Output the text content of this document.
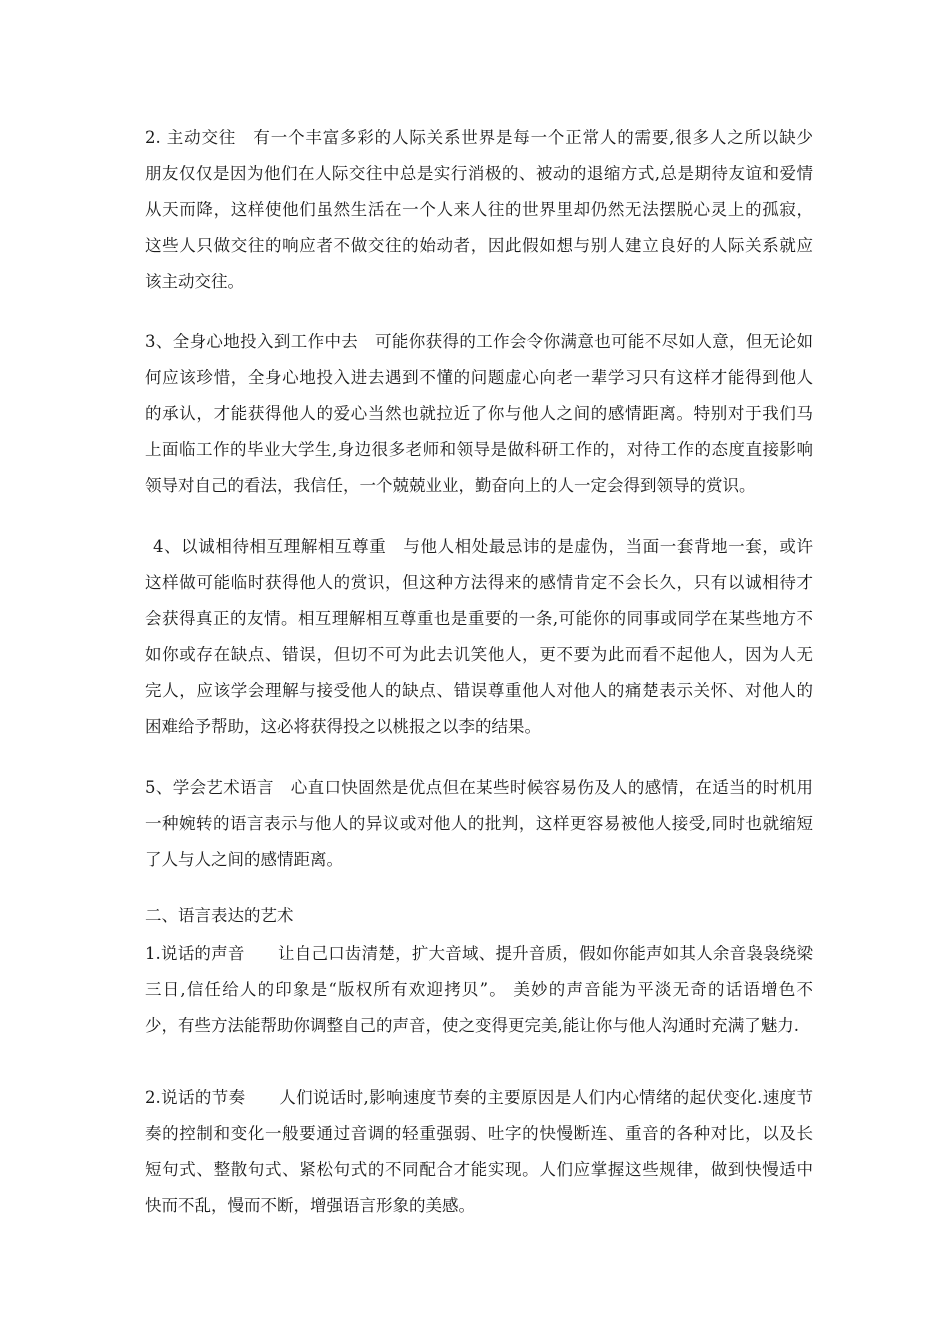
2. 主动交往　有一个丰富多彩的人际关系世界是每一个正常人的需要,很多人之所以缺少
朋友仅仅是因为他们在人际交往中总是实行消极的、被动的退缩方式,总是期待友谊和爱情
从天而降，这样使他们虽然生活在一个人来人往的世界里却仍然无法摆脱心灵上的孤寂，
这些人只做交往的响应者不做交往的始动者，因此假如想与别人建立良好的人际关系就应
该主动交往。
3、全身心地投入到工作中去　可能你获得的工作会令你满意也可能不尽如人意，但无论如
何应该珍惜，全身心地投入进去遇到不懂的问题虚心向老一辈学习只有这样才能得到他人
的承认，才能获得他人的爱心当然也就拉近了你与他人之间的感情距离。特别对于我们马
上面临工作的毕业大学生,身边很多老师和领导是做科研工作的，对待工作的态度直接影响
领导对自己的看法，我信任，一个兢兢业业，勤奋向上的人一定会得到领导的赏识。
4、以诚相待相互理解相互尊重　与他人相处最忌讳的是虚伪，当面一套背地一套，或许
这样做可能临时获得他人的赏识，但这种方法得来的感情肯定不会长久，只有以诚相待才
会获得真正的友情。相互理解相互尊重也是重要的一条,可能你的同事或同学在某些地方不
如你或存在缺点、错误，但切不可为此去讥笑他人，更不要为此而看不起他人，因为人无
完人，应该学会理解与接受他人的缺点、错误尊重他人对他人的痛楚表示关怀、对他人的
困难给予帮助，这必将获得投之以桃报之以李的结果。
5、学会艺术语言　心直口快固然是优点但在某些时候容易伤及人的感情，在适当的时机用
一种婉转的语言表示与他人的异议或对他人的批判，这样更容易被他人接受,同时也就缩短
了人与人之间的感情距离。
二、语言表达的艺术
1.说话的声音　　让自己口齿清楚，扩大音域、提升音质，假如你能声如其人余音袅袅绕梁
三日,信任给人的印象是“版权所有欢迎拷贝”。 美妙的声音能为平淡无奇的话语增色不
少，有些方法能帮助你调整自己的声音，使之变得更完美,能让你与他人沟通时充满了魅力.
2.说话的节奏　　人们说话时,影响速度节奏的主要原因是人们内心情绪的起伏变化.速度节
奏的控制和变化一般要通过音调的轻重强弱、吐字的快慢断连、重音的各种对比，以及长
短句式、整散句式、紧松句式的不同配合才能实现。人们应掌握这些规律，做到快慢适中
快而不乱，慢而不断，增强语言形象的美感。
